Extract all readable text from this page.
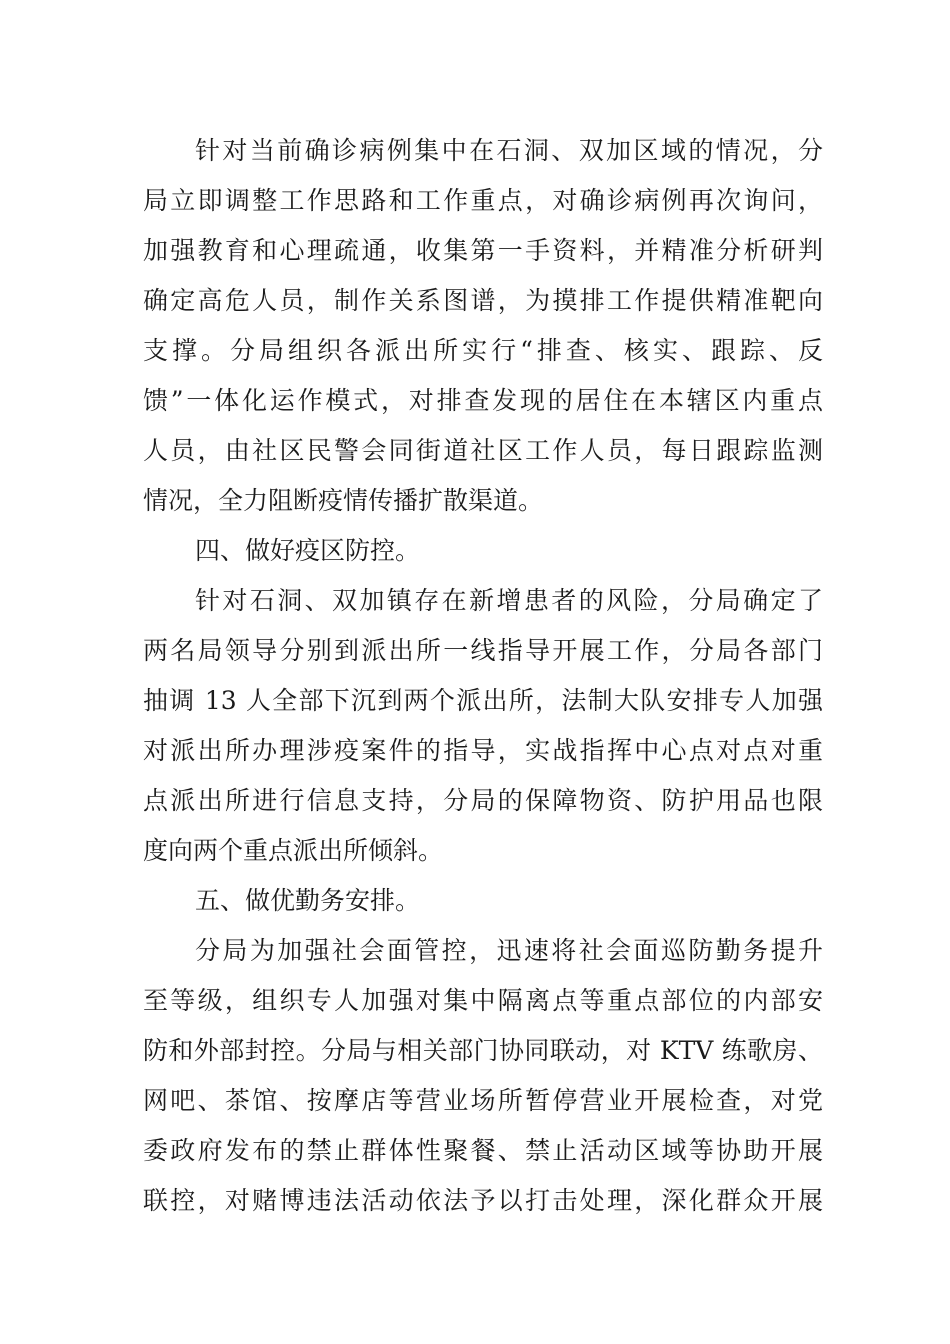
针对当前确诊病例集中在石洞、双加区域的情况，分
局立即调整工作思路和工作重点，对确诊病例再次询问，
加强教育和心理疏通，收集第一手资料，并精准分析研判
确定高危人员，制作关系图谱，为摸排工作提供精准靶向
支撑。分局组织各派出所实行“排查、核实、跟踪、反
馈”一体化运作模式，对排查发现的居住在本辖区内重点
人员，由社区民警会同街道社区工作人员，每日跟踪监测
情况，全力阻断疫情传播扩散渠道。
四、做好疫区防控。
针对石洞、双加镇存在新增患者的风险，分局确定了
两名局领导分别到派出所一线指导开展工作，分局各部门
抽调 13 人全部下沉到两个派出所，法制大队安排专人加强
对派出所办理涉疫案件的指导，实战指挥中心点对点对重
点派出所进行信息支持，分局的保障物资、防护用品也限
度向两个重点派出所倾斜。
五、做优勤务安排。
分局为加强社会面管控，迅速将社会面巡防勤务提升
至等级，组织专人加强对集中隔离点等重点部位的内部安
防和外部封控。分局与相关部门协同联动，对 KTV 练歌房、
网吧、茶馆、按摩店等营业场所暂停营业开展检查，对党
委政府发布的禁止群体性聚餐、禁止活动区域等协助开展
联控，对赌博违法活动依法予以打击处理，深化群众开展
